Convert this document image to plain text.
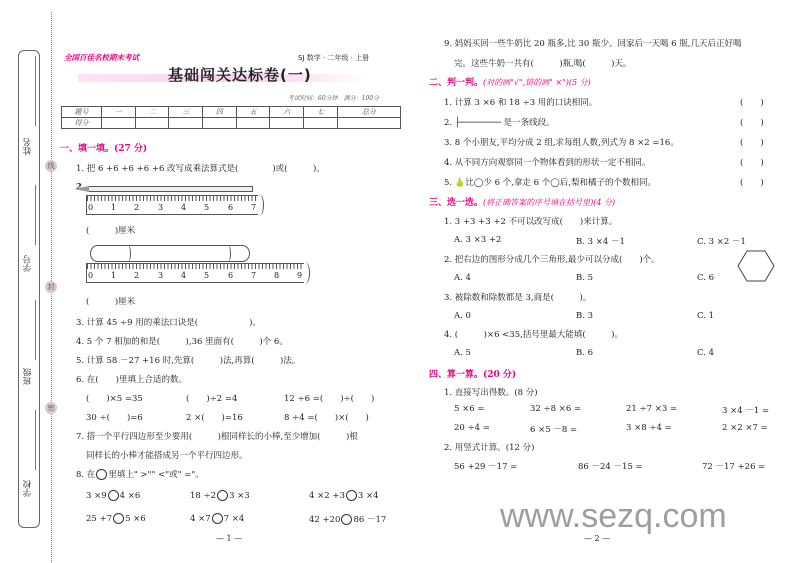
姓名
学号
班级
学校
线
封
密
全国百佳名校期末考试	SJ 数学 · 二年级 · 上册
基础闯关达标卷(一)
考试时间：60分钟　满分：100分
题号	一	二	三	四	五	六	七	总分
得分								
一、填一填。(27 分)
1. 把 6 +6 +6 +6 +6 改写成乘法算式是(　　　　)或(　　　)。
2.
0 1 2 3 4 5 6 7
(　　　)厘米
0 1 2 3 4 5 6 7 8 9
(　　　)厘米
3. 计算 45 ÷9 用的乘法口诀是(　　　　　　)。
4. 5 个 7 相加的和是(　　　),36 里面有(　　　)个 6。
5. 计算 58 －27 +16 时,先算(　　　)法,再算(　　　)法。
6. 在(　　)里填上合适的数。
(　　)×5 =35	(　　)÷2 =4	12 ÷6 =(　　)÷(　　)
30 ÷(　　)=6	2 ×(　　)=16	8 ÷4 =(　　)×(　　)
7. 搭一个平行四边形至少要用(　　　)根同样长的小棒,至少增加(　　　)根
同样长的小棒才能搭成另一个平行四边形。
8. 在 里填上" >"" <"或" ="。
3 ×9 4 ×6	18 ÷2 3 ×3	4 ×2 +3 3 ×4
25 +7 5 ×6	4 ×7 7 ×4	42 +20 86 －17
— 1 —
9. 妈妈买回一些牛奶比 20 瓶多,比 30 瓶少。回家后一天喝 6 瓶,几天后正好喝
完。这些牛奶一共有(　　　)瓶,喝(　　　)天。
二、判一判。(对的画"√",错的画" ×")(5 分)
1. 计算 3 ×6 和 18 ÷3 用的口诀相同。
2. ├──────── 是一条线段。
3. 8 个小朋友,平均分成 2 组,求每组人数,列式为 8 ×2 =16。
4. 从不同方向观察同一个物体看到的形状一定不相同。
5. 🍐比◯少 6 个,拿走 6 个◯后,梨和橘子的个数相同。
(　　)
(　　)
(　　)
(　　)
(　　)
三、选一选。(将正确答案的序号填在括号里)(4 分)
1. 3 +3 +3 +2 不可以改写成(　　)来计算。
A. 3 ×3 +2	B. 3 ×4 －1	C. 3 ×2 －1
2. 把右边的图形分成几个三角形,最少可以分成(　　)个。
A. 4	B. 5	C. 6
3. 被除数和除数都是 3,商是(　　　)。
A. 0	B. 3	C. 1
4. (　　　)×6 <35,括号里最大能填(　　　)。
A. 5	B. 6	C. 4
四、算一算。(20 分)
1. 直接写出得数。(8 分)
5 ×6 =	32 ÷8 ×6 =	21 ÷7 ×3 =	3 ×4 －1 =
20 ÷4 =	6 ×5 －8 =	3 ×8 ÷4 =	2 ×2 ×7 =
2. 用竖式计算。(12 分)
56 +29 －17 =	86 －24 －15 =	72 －17 +26 =
www.sezq.com
— 2 —
